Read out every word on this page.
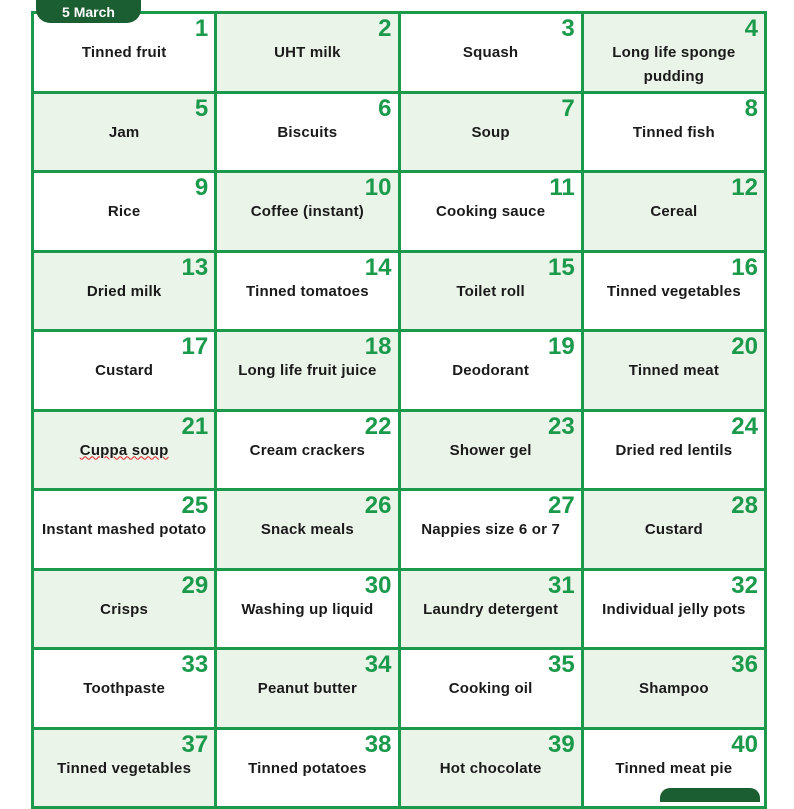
5 March
1
Tinned fruit
2
UHT milk
3
Squash
4
Long life sponge pudding
5
Jam
6
Biscuits
7
Soup
8
Tinned fish
9
Rice
10
Coffee (instant)
11
Cooking sauce
12
Cereal
13
Dried milk
14
Tinned tomatoes
15
Toilet roll
16
Tinned vegetables
17
Custard
18
Long life fruit juice
19
Deodorant
20
Tinned meat
21
Cuppa soup
22
Cream crackers
23
Shower gel
24
Dried red lentils
25
Instant mashed potato
26
Snack meals
27
Nappies size 6 or 7
28
Custard
29
Crisps
30
Washing up liquid
31
Laundry detergent
32
Individual jelly pots
33
Toothpaste
34
Peanut butter
35
Cooking oil
36
Shampoo
37
Tinned vegetables
38
Tinned potatoes
39
Hot chocolate
40
Tinned meat pie
